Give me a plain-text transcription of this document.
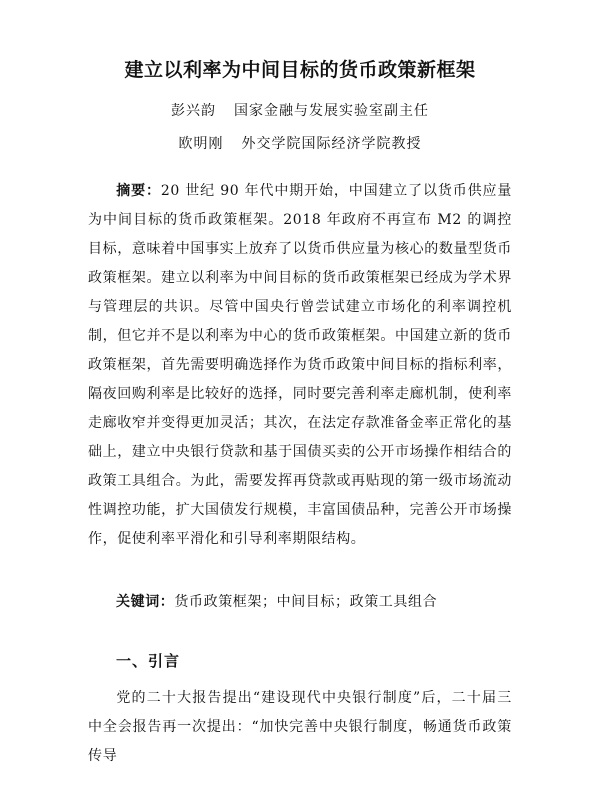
建立以利率为中间目标的货币政策新框架
彭兴韵 国家金融与发展实验室副主任
欧明刚 外交学院国际经济学院教授
摘要：20 世纪 90 年代中期开始，中国建立了以货币供应量为中间目标的货币政策框架。2018 年政府不再宣布 M2 的调控目标，意味着中国事实上放弃了以货币供应量为核心的数量型货币政策框架。建立以利率为中间目标的货币政策框架已经成为学术界与管理层的共识。尽管中国央行曾尝试建立市场化的利率调控机制，但它并不是以利率为中心的货币政策框架。中国建立新的货币政策框架，首先需要明确选择作为货币政策中间目标的指标利率，隔夜回购利率是比较好的选择，同时要完善利率走廊机制，使利率走廊收窄并变得更加灵活；其次，在法定存款准备金率正常化的基础上，建立中央银行贷款和基于国债买卖的公开市场操作相结合的政策工具组合。为此，需要发挥再贷款或再贴现的第一级市场流动性调控功能，扩大国债发行规模，丰富国债品种，完善公开市场操作，促使利率平滑化和引导利率期限结构。
关键词：货币政策框架；中间目标；政策工具组合
一、引言
党的二十大报告提出“建设现代中央银行制度”后，二十届三中全会报告再一次提出：“加快完善中央银行制度，畅通货币政策传导
